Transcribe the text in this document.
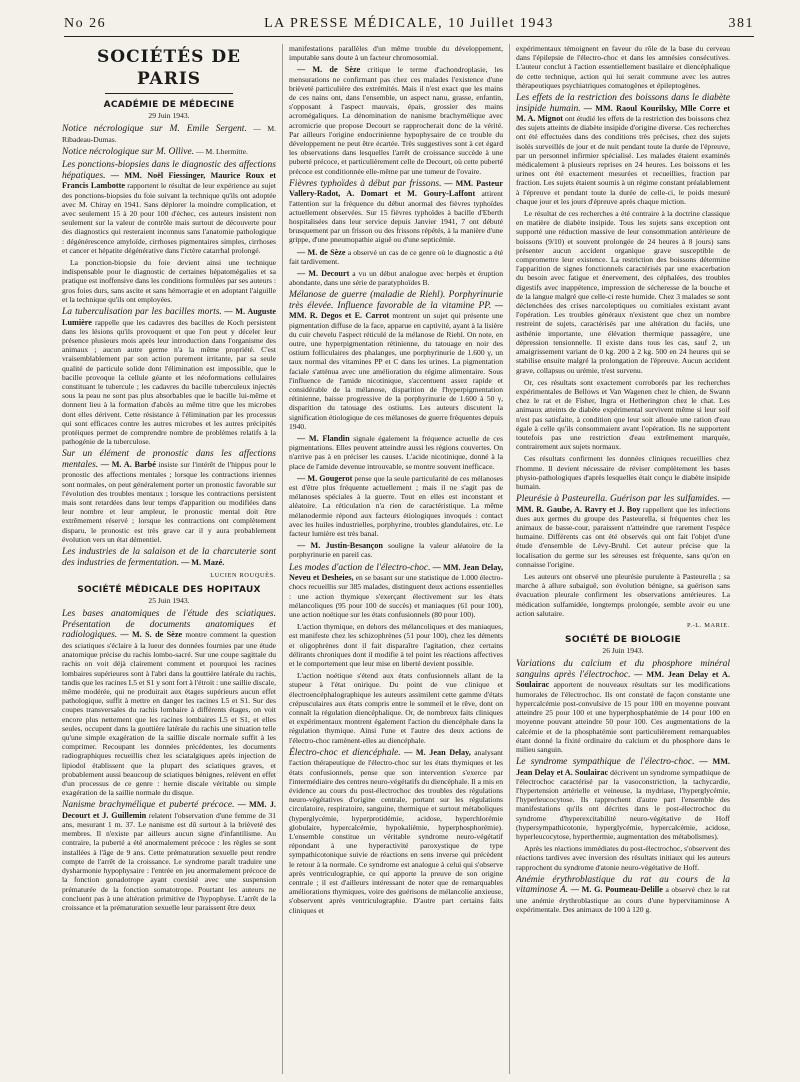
No 26	LA PRESSE MÉDICALE, 10 Juillet 1943	381
SOCIÉTÉS DE PARIS
ACADÉMIE DE MÉDECINE
29 Juin 1943.

Notice nécrologique sur M. Emile Sergent. — M. Ribadeau-Dumas.

Notice nécrologique sur M. Ollive. — M. Lhermitte.

Les ponctions-biopsies dans le diagnostic des affections hépatiques. — MM. Noël Fiessinger, Maurice Roux et Francis Lambotte rapportent le résultat de leur expérience au sujet des ponctions-biopsies du foie suivant la technique qu'ils ont adoptée avec M. Chiray en 1941. Sans déplorer la moindre complication, et avec seulement 15 à 20 pour 100 d'échec, ces auteurs insistent non seulement sur la valeur de contrôle mais surtout de découverte pour des diagnostics qui resteraient inconnus sans l'anatomie pathologique : dégénérescence amyloïde, cirrhoses pigmentaires simples, cirrhoses et cancer et hépatite dégénérative dans l'ictère catarrhal prolongé.

La ponction-biopsie du foie devient ainsi une technique indispensable pour le diagnostic de certaines hépatomégalies et sa pratique est inoffensive dans les conditions formulées par ses auteurs : gros foies durs, sans ascite et sans hémorragie et en adoptant l'aiguille et la technique qu'ils ont employées.

La tuberculisation par les bacilles morts. — M. Auguste Lumière rappelle que les cadavres des bacilles de Koch persistent dans les lésions qu'ils provoquent et que l'on peut y déceler leur présence plusieurs mois après leur introduction dans l'organisme des animaux ; aucun autre germe n'a la même propriété. C'est vraisemblablement par son action purement irritante, par sa seule qualité de particule solide dont l'élimination est impossible, que le bacille provoque la cellule géante et les néoformations cellulaires constituant le tubercule ; les cadavres du bacille tuberculeux injectés sous la peau ne sont pas plus absorbables que le bacille lui-même et donnent lieu à la formation d'abcès au même titre que les microbes dont elles dérivent. Cette résistance à l'élimination par les processus qui sont efficaces contre les autres microbes et les autres précipités protéiques permet de comprendre nombre de problèmes relatifs à la pathogénie de la tuberculose.

Sur un élément de pronostic dans les affections mentales. — M. A. Barbé insiste sur l'intérêt de l'hippus pour le pronostic des affections mentales ; lorsque les contractions iriennes sont normales, on peut généralement porter un pronostic favorable sur l'évolution des troubles mentaux ; lorsque les contractions persistent mais sont retardées dans leur temps d'apparition ou modifiées dans leur nombre et leur ampleur, le pronostic mental doit être extrêmement réservé ; lorsque les contractions ont complètement disparu, le pronostic est très grave car il y aura probablement évolution vers un état démentiel.

Les industries de la salaison et de la charcuterie sont des industries de fermentation. — M. Mazé.

LUCIEN ROUQUÈS.
SOCIÉTÉ MÉDICALE DES HOPITAUX
25 Juin 1943.

Les bases anatomiques de l'étude des sciatiques. Présentation de documents anatomiques et radiologiques. — M. S. de Sèze montre comment la question des sciatiques s'éclaire à la lueur des données fournies par une étude anatomique précise du rachis lombo-sacré. Sur une coupe sagittale du rachis on voit déjà clairement comment et pourquoi les racines lombaires supérieures sont à l'abri dans la gouttière latérale du rachis, tandis que les racines L5 et S1 y sont fort à l'étroit : une saillie discale, même modérée, qui ne produirait aux étages supérieurs aucun effet pathologique, suffit à mettre en danger les racines L5 et S1. Sur des coupes transversales du rachis lombaire à différents étages, on voit encore plus nettement que les racines lombaires L5 et S1, et elles seules, occupent dans la gouttière latérale du rachis une situation telle qu'une simple exagération de la saillie discale normale suffit à les comprimer. Recoupant les données précédentes, les documents radiographiques recueillis chez les sciatalgiques après injection de lipiodol établissent que la plupart des sciatiques graves, et probablement aussi beaucoup de sciatiques bénignes, relèvent en effet d'un processus de ce genre : hernie discale véritable ou simple exagération de la saillie normale du disque.

Nanisme brachymélique et puberté précoce. — MM. J. Decourt et J. Guillemin relatent l'observation d'une femme de 31 ans, mesurant 1 m. 37. Le nanisme est dû surtout à la brièveté des membres. Il n'existe par ailleurs aucun signe d'infantilisme. Au contraire, la puberté a été anormalement précoce : les règles se sont installées à l'âge de 9 ans. Cette prématuration sexuelle peut rendre compte de l'arrêt de la croissance. Le syndrome paraît traduire une dysharmonie hypophysaire : l'entrée en jeu anormalement précoce de la fonction gonadotrope ayant coexisté avec une suspension prématurée de la fonction somatotrope. Pourtant les auteurs ne concluent pas à une altération primitive de l'hypophyse. L'arrêt de la croissance et la prématuration sexuelle leur paraissent être deux

manifestations parallèles d'un même trouble du développement, imputable sans doute à un facteur chromosomial.

— M. de Sèze critique le terme d'achondroplasie, les mensurations ne confirmant pas chez ces malades l'existence d'une brièveté particulière des extrémités. Mais il n'est exact que les mains de ces nains ont, dans l'ensemble, un aspect nanu, grasse, enfantin, s'opposant à l'aspect mauvais, épais, grossier des mains acromégaliques. La dénomination de nanisme brachymélique avec acromicrie que propose Decourt se rapprocherait donc de la vérité. Par ailleurs l'origine endocrinienne hypophysaire de ce trouble du développement ne peut être écartée. Très suggestives sont à cet égard les observations dans lesquelles l'arrêt de croissance succède à une puberté précoce, et particulièrement celle de Decourt, où cette puberté précoce est conditionnée elle-même par une tumeur de l'ovaire.

Fièvres typhoïdes à début par frissons. — MM. Pasteur Vallery-Radot, A. Domart et M. Goury-Laffont attirent l'attention sur la fréquence du début anormal des fièvres typhoïdes actuellement observées. Sur 15 fièvres typhoïdes à bacille d'Eberth hospitalisées dans leur service depuis Janvier 1941, 7 ont débuté brusquement par un frisson ou des frissons répétés, à la manière d'une grippe, d'une pneumopathie aiguë ou d'une septicémie.

— M. de Sèze a observé un cas de ce genre où le diagnostic a été fait tardivement.

— M. Decourt a vu un début analogue avec herpès et éruption abondante, dans une série de paratyphoïdes B.

Mélanose de guerre (maladie de Riehl). Porphyrinurie très élevée. Influence favorable de la vitamine PP. — MM. R. Degos et E. Carrot montrent un sujet qui présente une pigmentation diffuse de la face, apparue en captivité, ayant à la lisière du cuir chevelu l'aspect réticulé de la mélanose de Riehl. On note, en outre, une hyperpigmentation rétinienne, du tatouage en noir des ostium folliculaires des phalanges, une porphyrinurie de 1.600 γ, un taux normal des vitamines PP et C dans les urines. La pigmentation faciale s'atténua avec une amélioration du régime alimentaire. Sous l'influence de l'amide nicotinique, s'accentuent assez rapide et considérable de la mélanose, disparition de l'hyperpigmentation rétinienne, baisse progressive de la porphyrinurie de 1.600 à 50 γ, disparition du tatouage des ostiums. Les auteurs discutent la signification étiologique de ces mélanoses de guerre fréquentes depuis 1940.

— M. Flandin signale également la fréquence actuelle de ces pigmentations. Elles peuvent atteindre aussi les régions couvertes. On n'arrive pas à en préciser les causes. L'acide nicotinique, donné à la place de l'amide devenue introuvable, se montre souvent inefficace.

— M. Gougerot pense que la seule particularité de ces mélanoses est d'être plus fréquente actuellement ; mais il ne s'agit pas de mélanoses spéciales à la guerre. Tout en elles est inconstant et aléatoire. La réticulation n'a rien de caractéristique. La même mélanodermie répond aux facteurs étiologiques invoqués : contact avec les huiles industrielles, porphyrine, troubles glandulaires, etc. Le facteur lumière est très banal.

— M. Justin-Besançon souligne la valeur aléatoire de la porphyrinurie en pareil cas.

Les modes d'action de l'électro-choc. — MM. Jean Delay, Neveu et Desheies, en se basant sur une statistique de 1.000 électro-chocs recueillis sur 385 malades, distinguent deux actions essentielles : une action thymique s'exerçant électivement sur les états mélancoliques (95 pour 100 de succès) et maniaques (61 pour 100), une action noétique sur les états confusionnels (80 pour 100).

L'action thymique, en dehors des mélancoliques et des maniaques, est manifeste chez les schizophrènes (51 pour 100), chez les déments et oligophrènes dont il fait disparaître l'agitation, chez certains délirants chroniques dont il modifie à tel point les réactions affectives et le comportement que leur mise en liberté devient possible.

L'action noétique s'étend aux états confusionnels allant de la stupeur à l'état onirique. Du point de vue clinique et électroencéphalographique les auteurs assimilent cette gamme d'états crépusculaires aux états compris entre le sommeil et le rêve, dont on connaît la régulation diencéphalique. Or, de nombreux faits cliniques et expérimentaux montrent également l'action du diencéphale dans la régulation thymique. Ainsi l'une et l'autre des deux actions de l'électro-choc ramènent-elles au diencéphale.

Électro-choc et diencéphale. — M. Jean Delay, analysant l'action thérapeutique de l'électro-choc sur les états thymiques et les états confusionnels, pense que son intervention s'exerce par l'intermédiaire des centres neuro-végétatifs du diencéphale. Il a mis en évidence au cours du post-électrochoc des troubles des régulations neuro-végétatives d'origine centrale, portant sur les régulations circulatoire, respiratoire, sanguine, thermique et surtout métaboliques (hyperglycémie, hyperprotidémie, acidose, hyperchlorémie globulaire, hypercalcémie, hypokaliémie, hyperphosphorémie). L'ensemble constitue un véritable syndrome neuro-végétatif répondant à une hyperactivité paroxystique de type sympathicotonique suivie de réactions en sens inverse qui précèdent le retour à la normale. Ce syndrome est analogue à celui qui s'observe après ventriculographie, ce qui apporte la preuve de son origine centrale ; il est d'ailleurs intéressant de noter que de remarquables améliorations thymiques, voire des guérisons de mélancolie anxieuse, s'observent après ventriculographie. D'autre part certains faits cliniques et

expérimentaux témoignent en faveur du rôle de la base du cerveau dans l'épilepsie de l'électro-choc et dans les amnésies consécutives. L'auteur conclut à l'action essentiellement basilaire et diencéphalique de cette technique, action qui lui serait commune avec les autres thérapeutiques psychiatriques comatogènes et épileptogènes.

Les effets de la restriction des boissons dans le diabète insipide humain. — MM. Raoul Kourilsky, Mlle Corre et M. A. Mignot ont étudié les effets de la restriction des boissons chez des sujets atteints de diabète insipide d'origine diverse. Ces recherches ont été effectuées dans des conditions très précises, chez des sujets isolés surveillés de jour et de nuit pendant toute la durée de l'épreuve, par un personnel infirmier spécialisé. Les malades étaient examinés médicalement à plusieurs reprises en 24 heures. Les boissons et les urines ont été exactement mesurées et recueillies, fraction par fraction. Les sujets étaient soumis à un régime constant préalablement à l'épreuve et pendant toute la durée de celle-ci, le poids mesuré chaque jour et les jours d'épreuve après chaque miction.

Le résultat de ces recherches a été contraire à la doctrine classique en matière de diabète insipide. Tous les sujets sans exception ont supporté une réduction massive de leur consommation antérieure de boissons (9/10) et souvent prolongée de 24 heures à 8 jours) sans présenter aucun accident organique grave susceptible de compromettre leur existence. La restriction des boissons détermine l'apparition de signes fonctionnels caractérisés par une exacerbation du besoin avec fatigue et énervement, des céphalées, des troubles digestifs avec inappétence, impression de sécheresse de la bouche et de la langue malgré que celle-ci reste humide. Chez 3 malades se sont déclenchées des crises narcoleptiques ou comitiales existant avant l'opération. Les troubles généraux n'existent que chez un nombre restreint de sujets, caractérisés par une altération du faciès, une asthénie importante, une élévation thermique passagère, une dépression tensionnelle. Il existe dans tous les cas, sauf 2, un amaigrissement variant de 0 kg. 200 à 2 kg. 500 en 24 heures qui se stabilise ensuite malgré la prolongation de l'épreuve. Aucun accident grave, collapsus ou urémie, n'est survenu.

Or, ces résultats sont exactement corroborés par les recherches expérimentales de Bellows et Van Wagenen chez le chien, de Swann chez le rat et de Fisher, Ingra et Hetherington chez le chat. Les animaux atteints de diabète expérimental survivent même si leur soif n'est pas satisfaite, à condition que leur soit allouée une ration d'eau égale à celle qu'ils consommaient avant l'opération. Ils ne supportent toutefois pas une restriction d'eau extrêmement marquée, contrairement aux sujets normaux.

Ces résultats confirment les données cliniques recueillies chez l'homme. Il devient nécessaire de réviser complètement les bases physio-pathologiques d'après lesquelles était conçu le diabète insipide humain.

Pleurésie à Pasteurella. Guérison par les sulfamides. — MM. R. Gaube, A. Ravry et J. Boy rappellent que les infections dues aux germes du groupe des Pasteurella, si fréquentes chez les animaux de basse-cour, paraissent n'atteindre que rarement l'espèce humaine. Différents cas ont été observés qui ont fait l'objet d'une étude d'ensemble de Lévy-Bruhl. Cet auteur précise que la localisation du germe sur les séreuses est fréquente, sans qu'on en connaisse l'origine.

Les auteurs ont observé une pleurésie purulente à Pasteurella ; sa marche à allure subaiguë, son évolution bénigne, sa guérison sans évacuation pleurale confirment les observations antérieures. La médication sulfamidée, longtemps prolongée, semble avoir eu une action salutaire.

P.-L. MARIE.
SOCIÉTÉ DE BIOLOGIE
26 Juin 1943.

Variations du calcium et du phosphore minéral sanguins après l'électrochoc. — MM. Jean Delay et A. Soulairac apportent de nouveaux résultats sur les modifications humorales de l'électrochoc. Ils ont constaté de façon constante une hypercalcémie post-convulsive de 15 pour 100 en moyenne pouvant atteindre 25 pour 100 et une hyperphosphatémie de 14 pour 100 en moyenne pouvant atteindre 50 pour 100. Ces augmentations de la calcémie et de la phosphatémie sont particulièrement remarquables étant donné la fixité ordinaire du calcium et du phosphore dans le milieu sanguin.

Le syndrome sympathique de l'électro-choc. — MM. Jean Delay et A. Soulairac décrivent un syndrome sympathique de l'électrochoc caractérisé par la vasoconstriction, la tachycardie, l'hypertension artérielle et veineuse, la mydriase, l'hyperglycémie, l'hyperleucocytose. Ils rapprochent d'autre part l'ensemble des manifestations qu'ils ont décrites dans le post-électrochoc du syndrome d'hyperexcitabilité neuro-végétative de Hoff (hypersympathicotonie, hyperglycémie, hypercalcémie, acidose, hyperleucocytose, hyperthermie, augmentation des métabolismes).

Après les réactions immédiates du post-électrochoc, s'observent des réactions tardives avec inversion des résultats initiaux qui les auteurs rapprochent du syndrome d'atonie neuro-végétative de Hoff.

Anémie érythroblastique du rat au cours de la vitaminose A. — M. G. Poumeau-Delille a observé chez le rat une anémie érythroblastique au cours d'une hypervitaminose A expérimentale. Des animaux de 100 à 120 g.
